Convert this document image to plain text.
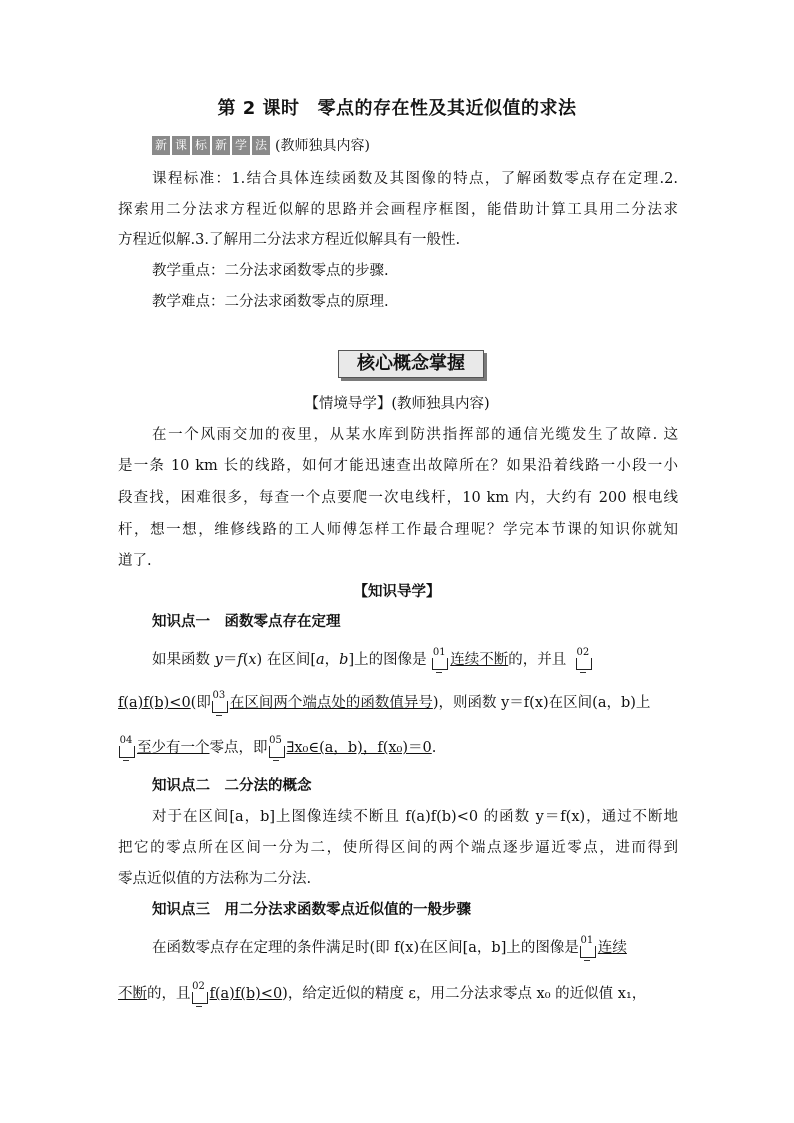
第 2 课时 零点的存在性及其近似值的求法
新 课 标 新 学 法 (教师独具内容)
课程标准：1.结合具体连续函数及其图像的特点，了解函数零点存在定理.2.
探索用二分法求方程近似解的思路并会画程序框图，能借助计算工具用二分法求
方程近似解.3.了解用二分法求方程近似解具有一般性.
教学重点：二分法求函数零点的步骤.
教学难点：二分法求函数零点的原理.
核心概念掌握
【情境导学】(教师独具内容)
在一个风雨交加的夜里，从某水库到防洪指挥部的通信光缆发生了故障. 这
是一条 10 km 长的线路，如何才能迅速查出故障所在？如果沿着线路一小段一小
段查找，困难很多，每查一个点要爬一次电线杆，10 km 内，大约有 200 根电线
杆，想一想，维修线路的工人师傅怎样工作最合理呢？学完本节课的知识你就知
道了.
【知识导学】
知识点一　函数零点存在定理
如果函数 y＝f(x) 在区间[a，b]上的图像是 01 连续不断的，并且 02
f(a)f(b)<0(即 03 在区间两个端点处的函数值异号)，则函数 y＝f(x)在区间(a，b)上
04 至少有一个零点，即 05 ∃x₀∈(a，b)，f(x₀)＝0.
知识点二　二分法的概念
对于在区间[a，b]上图像连续不断且 f(a)f(b)<0 的函数 y＝f(x)，通过不断地
把它的零点所在区间一分为二，使所得区间的两个端点逐步逼近零点，进而得到
零点近似值的方法称为二分法.
知识点三　用二分法求函数零点近似值的一般步骤
在函数零点存在定理的条件满足时(即 f(x)在区间[a，b]上的图像是 01 连续
不断的，且 02 f(a)f(b)<0)，给定近似的精度 ε，用二分法求零点 x₀ 的近似值 x₁，
